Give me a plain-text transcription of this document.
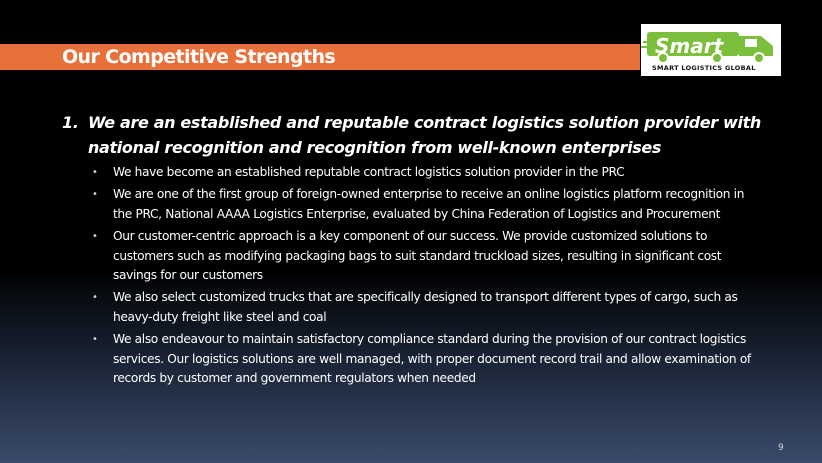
Our Competitive Strengths	Smart
SMART LOGISTICS GLOBAL
1. We are an established and reputable contract logistics solution provider with national recognition and recognition from well-known enterprises
• We have become an established reputable contract logistics solution provider in the PRC
• We are one of the first group of foreign-owned enterprise to receive an online logistics platform recognition in the PRC, National AAAA Logistics Enterprise, evaluated by China Federation of Logistics and Procurement
• Our customer-centric approach is a key component of our success. We provide customized solutions to customers such as modifying packaging bags to suit standard truckload sizes, resulting in significant cost savings for our customers
• We also select customized trucks that are specifically designed to transport different types of cargo, such as heavy-duty freight like steel and coal
• We also endeavour to maintain satisfactory compliance standard during the provision of our contract logistics services. Our logistics solutions are well managed, with proper document record trail and allow examination of records by customer and government regulators when needed
9
